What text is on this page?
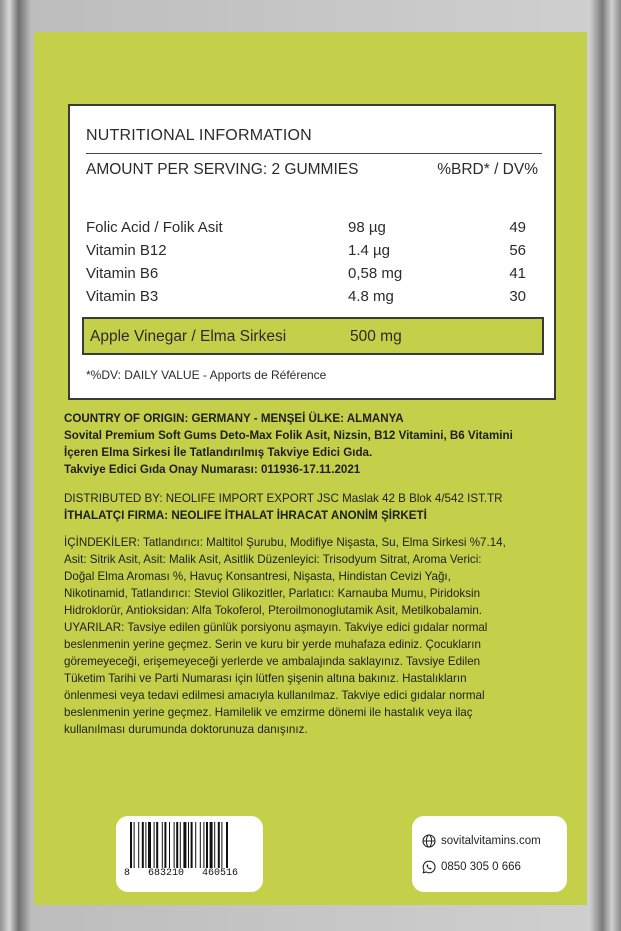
NUTRITIONAL INFORMATION
AMOUNT PER SERVING: 2 GUMMIES	%BRD* / DV%
Folic Acid / Folik Asit	98 µg	49
Vitamin B12	1.4 µg	56
Vitamin B6	0,58 mg	41
Vitamin B3	4.8 mg	30
Apple Vinegar / Elma Sirkesi	500 mg
*%DV: DAILY VALUE - Apports de Référence
COUNTRY OF ORIGIN: GERMANY - MENŞEİ ÜLKE: ALMANYA
Sovital Premium Soft Gums Deto-Max Folik Asit, Nizsin, B12 Vitamini, B6 Vitamini
İçeren Elma Sirkesi İle Tatlandırılmış Takviye Edici Gıda.
Takviye Edici Gıda Onay Numarası: 011936-17.11.2021
DISTRIBUTED BY: NEOLIFE IMPORT EXPORT JSC Maslak 42 B Blok 4/542 IST.TR
İTHALATÇI FIRMA: NEOLIFE İTHALAT İHRACAT ANONİM ŞİRKETİ
İÇİNDEKİLER: Tatlandırıcı: Maltitol Şurubu, Modifiye Nişasta, Su, Elma Sirkesi %7.14,
Asit: Sitrik Asit, Asit: Malik Asit, Asitlik Düzenleyici: Trisodyum Sitrat, Aroma Verici:
Doğal Elma Aroması %, Havuç Konsantresi, Nişasta, Hindistan Cevizi Yağı,
Nikotinamid, Tatlandırıcı: Steviol Glikozitler, Parlatıcı: Karnauba Mumu, Piridoksin
Hidroklorür, Antioksidan: Alfa Tokoferol, Pteroilmonoglutamik Asit, Metilkobalamin.
UYARILAR: Tavsiye edilen günlük porsiyonu aşmayın. Takviye edici gıdalar normal
beslenmenin yerine geçmez. Serin ve kuru bir yerde muhafaza ediniz. Çocukların
göremeyeceği, erişemeyeceği yerlerde ve ambalajında saklayınız. Tavsiye Edilen
Tüketim Tarihi ve Parti Numarası için lütfen şişenin altına bakınız. Hastalıkların
önlenmesi veya tedavi edilmesi amacıyla kullanılmaz. Takviye edici gıdalar normal
beslenmenin yerine geçmez. Hamilelik ve emzirme dönemi ile hastalık veya ilaç
kullanılması durumunda doktorunuza danışınız.
8 683210 460516
sovitalvitamins.com
0850 305 0 666
